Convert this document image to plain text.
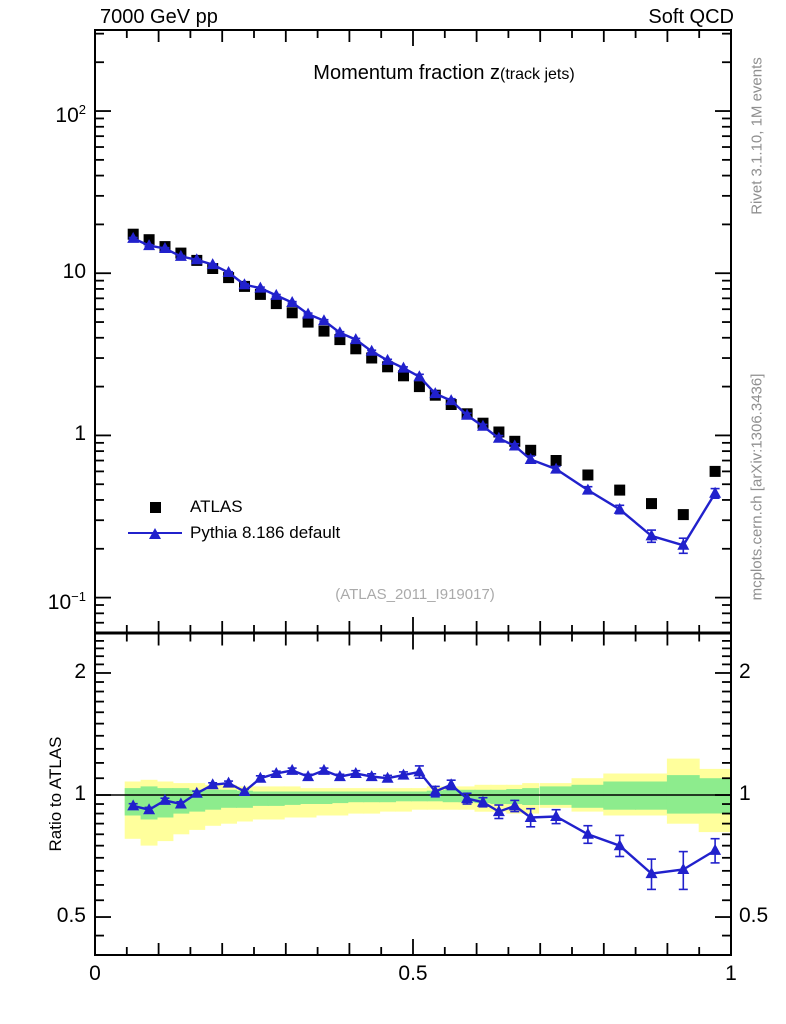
7000 GeV pp	Soft QCD
Momentum fraction z(track jets)
ATLAS
Pythia 8.186 default
(ATLAS_2011_I919017)
Rivet 3.1.10, 1M events
mcplots.cern.ch [arXiv:1306.3436]
Ratio to ATLAS
$10^2$
10
1
$10^{-1}$
2	2
1	1
0.5	0.5
0	0.5	1
